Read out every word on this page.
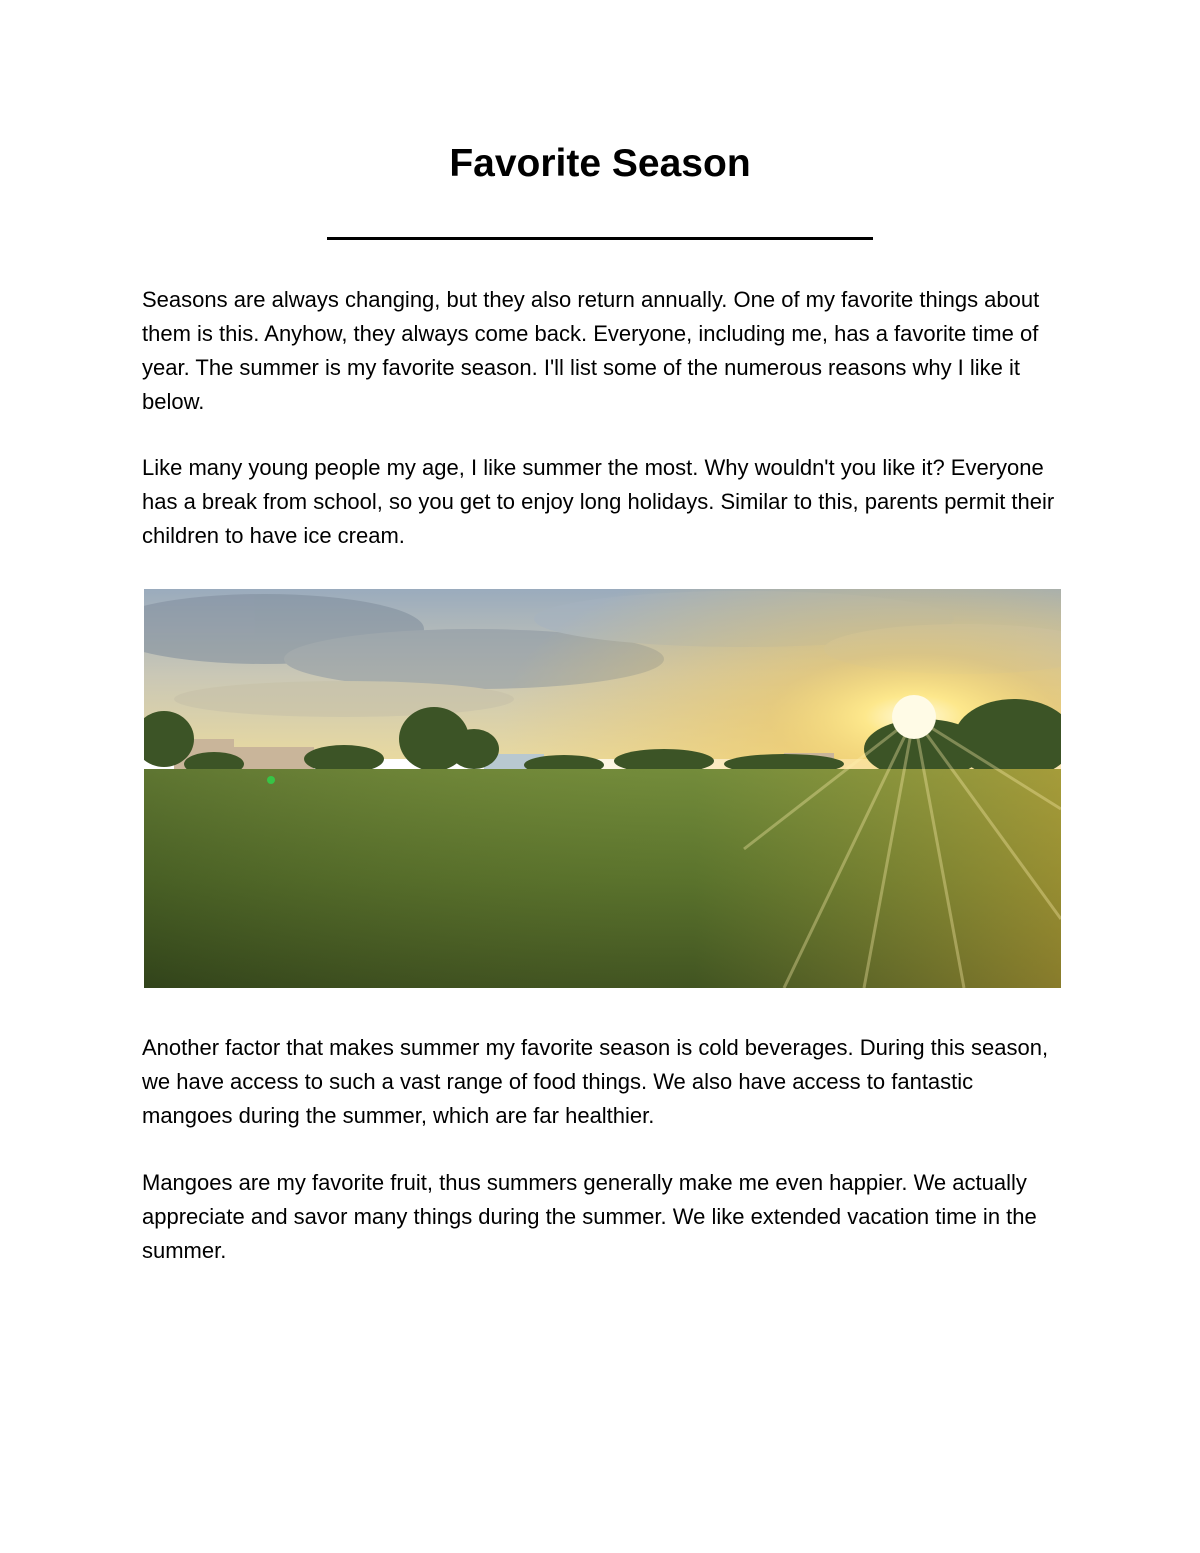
Favorite Season

Seasons are always changing, but they also return annually. One of my favorite things about them is this. Anyhow, they always come back. Everyone, including me, has a favorite time of year. The summer is my favorite season. I'll list some of the numerous reasons why I like it below.

Like many young people my age, I like summer the most. Why wouldn't you like it? Everyone has a break from school, so you get to enjoy long holidays. Similar to this, parents permit their children to have ice cream.

Another factor that makes summer my favorite season is cold beverages. During this season, we have access to such a vast range of food things. We also have access to fantastic mangoes during the summer, which are far healthier.

Mangoes are my favorite fruit, thus summers generally make me even happier. We actually appreciate and savor many things during the summer. We like extended vacation time in the summer.
